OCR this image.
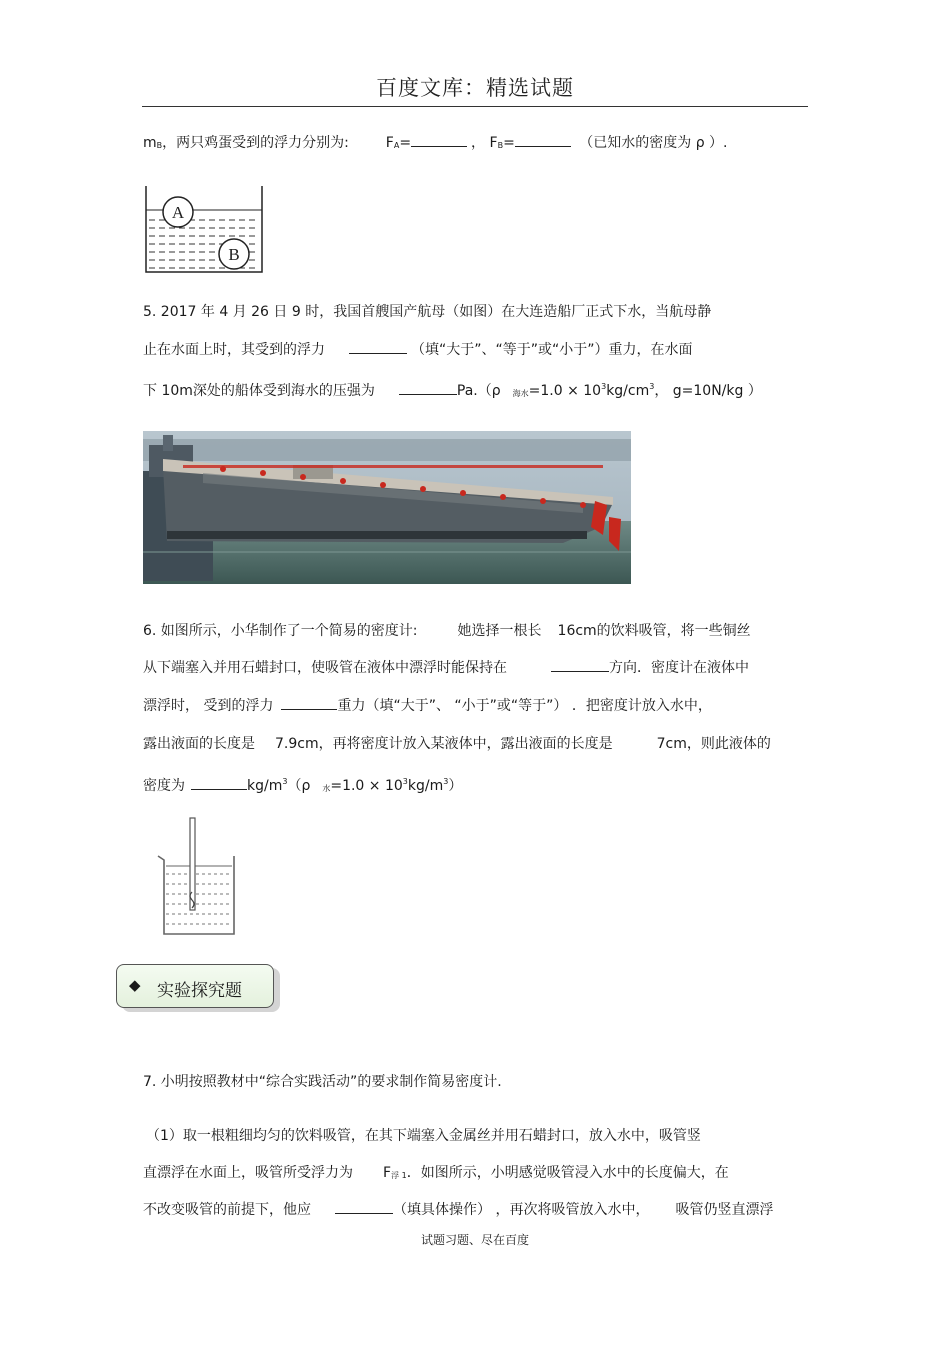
百度文库：精选试题
mB，两只鸡蛋受到的浮力分别为:	FA=	， FB=	（已知水的密度为 ρ ）.
A
B
5. 2017 年 4 月 26 日 9 时，我国首艘国产航母（如图）在大连造船厂正式下水，当航母静
止在水面上时，其受到的浮力	（填“大于”、“等于”或“小于”）重力，在水面
下 10m深处的船体受到海水的压强为	Pa.（ρ 海水$=1.0 \times 10^3kg/cm^3$， g=10N/kg ）
6. 如图所示，小华制作了一个简易的密度计:	她选择一根长 16cm的饮料吸管，将一些铜丝
从下端塞入并用石蜡封口，使吸管在液体中漂浮时能保持在	方向．密度计在液体中
漂浮时， 受到的浮力	重力（填“大于”、 “小于”或“等于”） ．把密度计放入水中，
露出液面的长度是 7.9cm，再将密度计放入某液体中，露出液面的长度是	7cm，则此液体的
密度为	$kg/m^3(\rho$ 水$=1.0 \times 10^3kg/m^3$）
◆ 实验探究题
7. 小明按照教材中“综合实践活动”的要求制作简易密度计.
（1）取一根粗细均匀的饮料吸管，在其下端塞入金属丝并用石蜡封口，放入水中，吸管竖
直漂浮在水面上，吸管所受浮力为 F浮 1．如图所示，小明感觉吸管浸入水中的长度偏大，在
不改变吸管的前提下，他应	（填具体操作） ，再次将吸管放入水中， 吸管仍竖直漂浮
试题习题、尽在百度
